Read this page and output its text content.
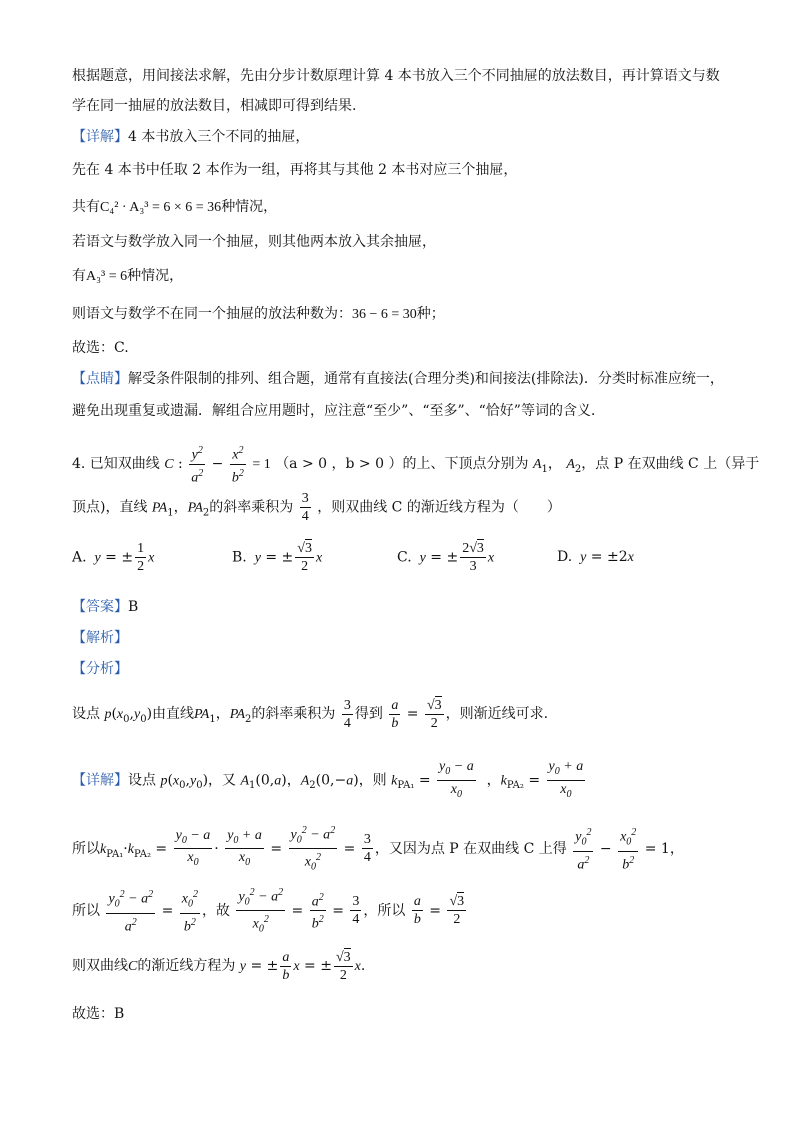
根据题意，用间接法求解，先由分步计数原理计算 4 本书放入三个不同抽屉的放法数目，再计算语文与数
学在同一抽屉的放法数目，相减即可得到结果.
【详解】4 本书放入三个不同的抽屉，
先在 4 本书中任取 2 本作为一组，再将其与其他 2 本书对应三个抽屉，
共有C₄² · A₃³ = 6 × 6 = 36种情况，
若语文与数学放入同一个抽屉，则其他两本放入其余抽屉，
有A₃³ = 6种情况，
则语文与数学不在同一个抽屉的放法种数为：36 − 6 = 30种；
故选：C.
【点睛】解受条件限制的排列、组合题，通常有直接法(合理分类)和间接法(排除法)．分类时标准应统一，
避免出现重复或遗漏．解组合应用题时，应注意“至少”、“至多”、“恰好”等词的含义．
4. 已知双曲线 C : $\frac{y^2}{a^2} - \frac{x^2}{b^2} = 1$ （a > 0 ，b > 0 ）的上、下顶点分别为 $A_1$， $A_2$，点 P 在双曲线 C 上（异于
顶点)，直线 $PA_1$，$PA_2$的斜率乘积为 $\frac{3}{4}$ ，则双曲线 C 的渐近线方程为（　　）
A.  y = ± $\frac{1}{2}$ x	B.  y = ± $\frac{√3}{2}$ x	C.  y = ± $\frac{2√3}{3}$ x	D.  y = ±2x
【答案】B
【解析】
【分析】
设点 $p(x_0,y_0)$由直线$PA_1$，$PA_2$的斜率乘积为 $\frac{3}{4}$ 得到 $\frac{a}{b} = \frac{√3}{2}$ ，则渐近线可求.
【详解】设点 $p(x_0,y_0)$，又 $A_1(0,a)$，$A_2(0,-a)$，则 $k_{PA_1} = \frac{y_0 - a}{x_0}$ ，$k_{PA_2} = \frac{y_0 + a}{x_0}$
所以$k_{PA_1}\cdot k_{PA_2} = \frac{y_0 - a}{x_0} \cdot \frac{y_0 + a}{x_0} = \frac{y_0^2 - a^2}{x_0^2} = \frac{3}{4}$ ，又因为点 P 在双曲线 C 上得 $\frac{y_0^2}{a^2} - \frac{x_0^2}{b^2} = 1$，
所以 $\frac{y_0^2 - a^2}{a^2} = \frac{x_0^2}{b^2}$ ，故 $\frac{y_0^2 - a^2}{x_0^2} = \frac{a^2}{b^2} = \frac{3}{4}$ ，所以 $\frac{a}{b} = \frac{√3}{2}$
则双曲线C的渐近线方程为 y = ± $\frac{a}{b}$ x = ± $\frac{√3}{2} x$.
故选：B
